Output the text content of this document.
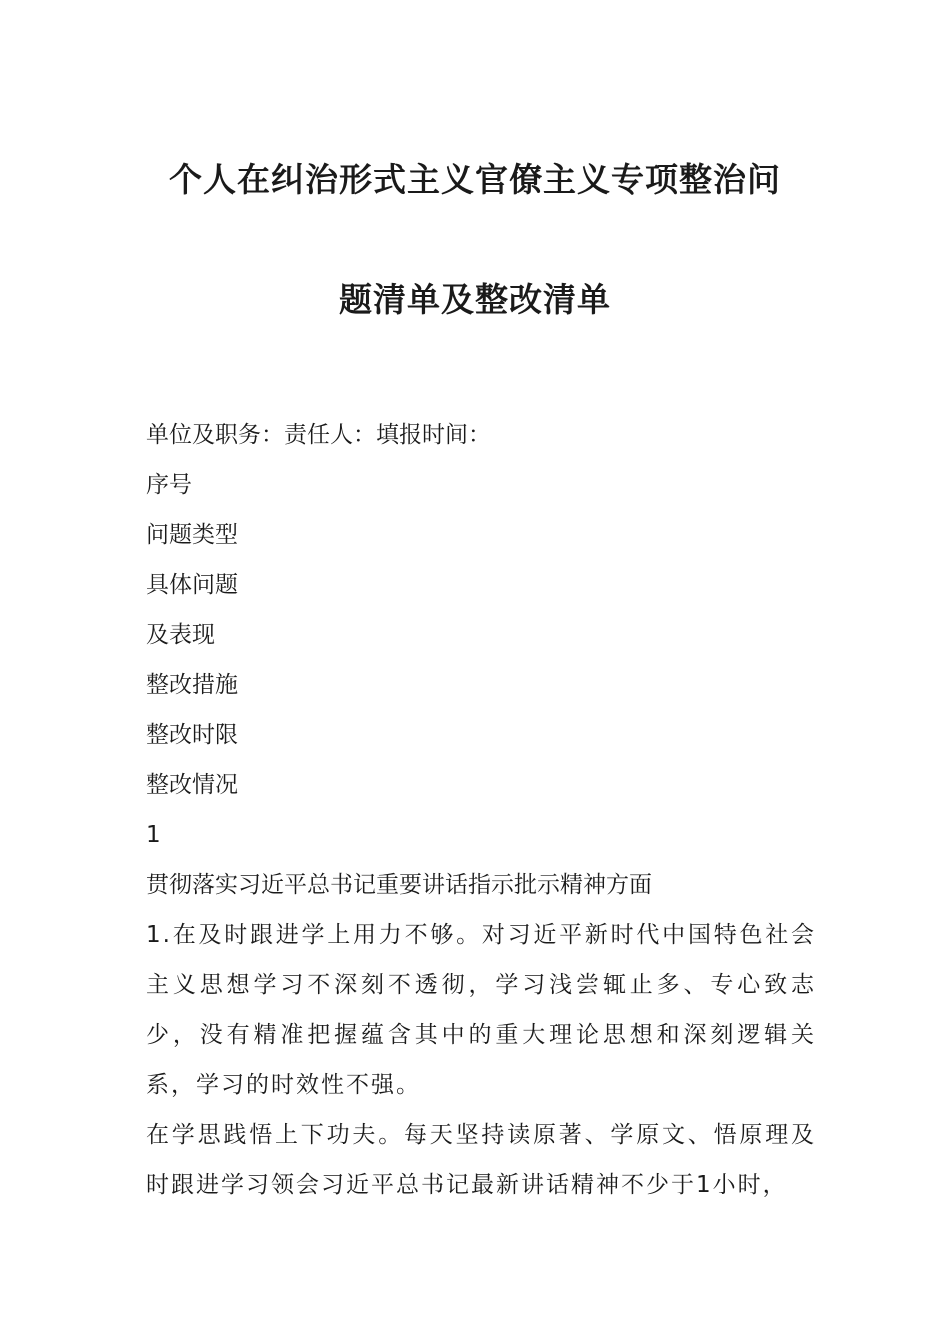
个人在纠治形式主义官僚主义专项整治问
题清单及整改清单

单位及职务：责任人：填报时间：

序号

问题类型

具体问题

及表现

整改措施

整改时限

整改情况

1

贯彻落实习近平总书记重要讲话指示批示精神方面

1.在及时跟进学上用力不够。对习近平新时代中国特色社会主义思想学习不深刻不透彻，学习浅尝辄止多、专心致志少，没有精准把握蕴含其中的重大理论思想和深刻逻辑关系，学习的时效性不强。

在学思践悟上下功夫。每天坚持读原著、学原文、悟原理及时跟进学习领会习近平总书记最新讲话精神不少于1小时，
